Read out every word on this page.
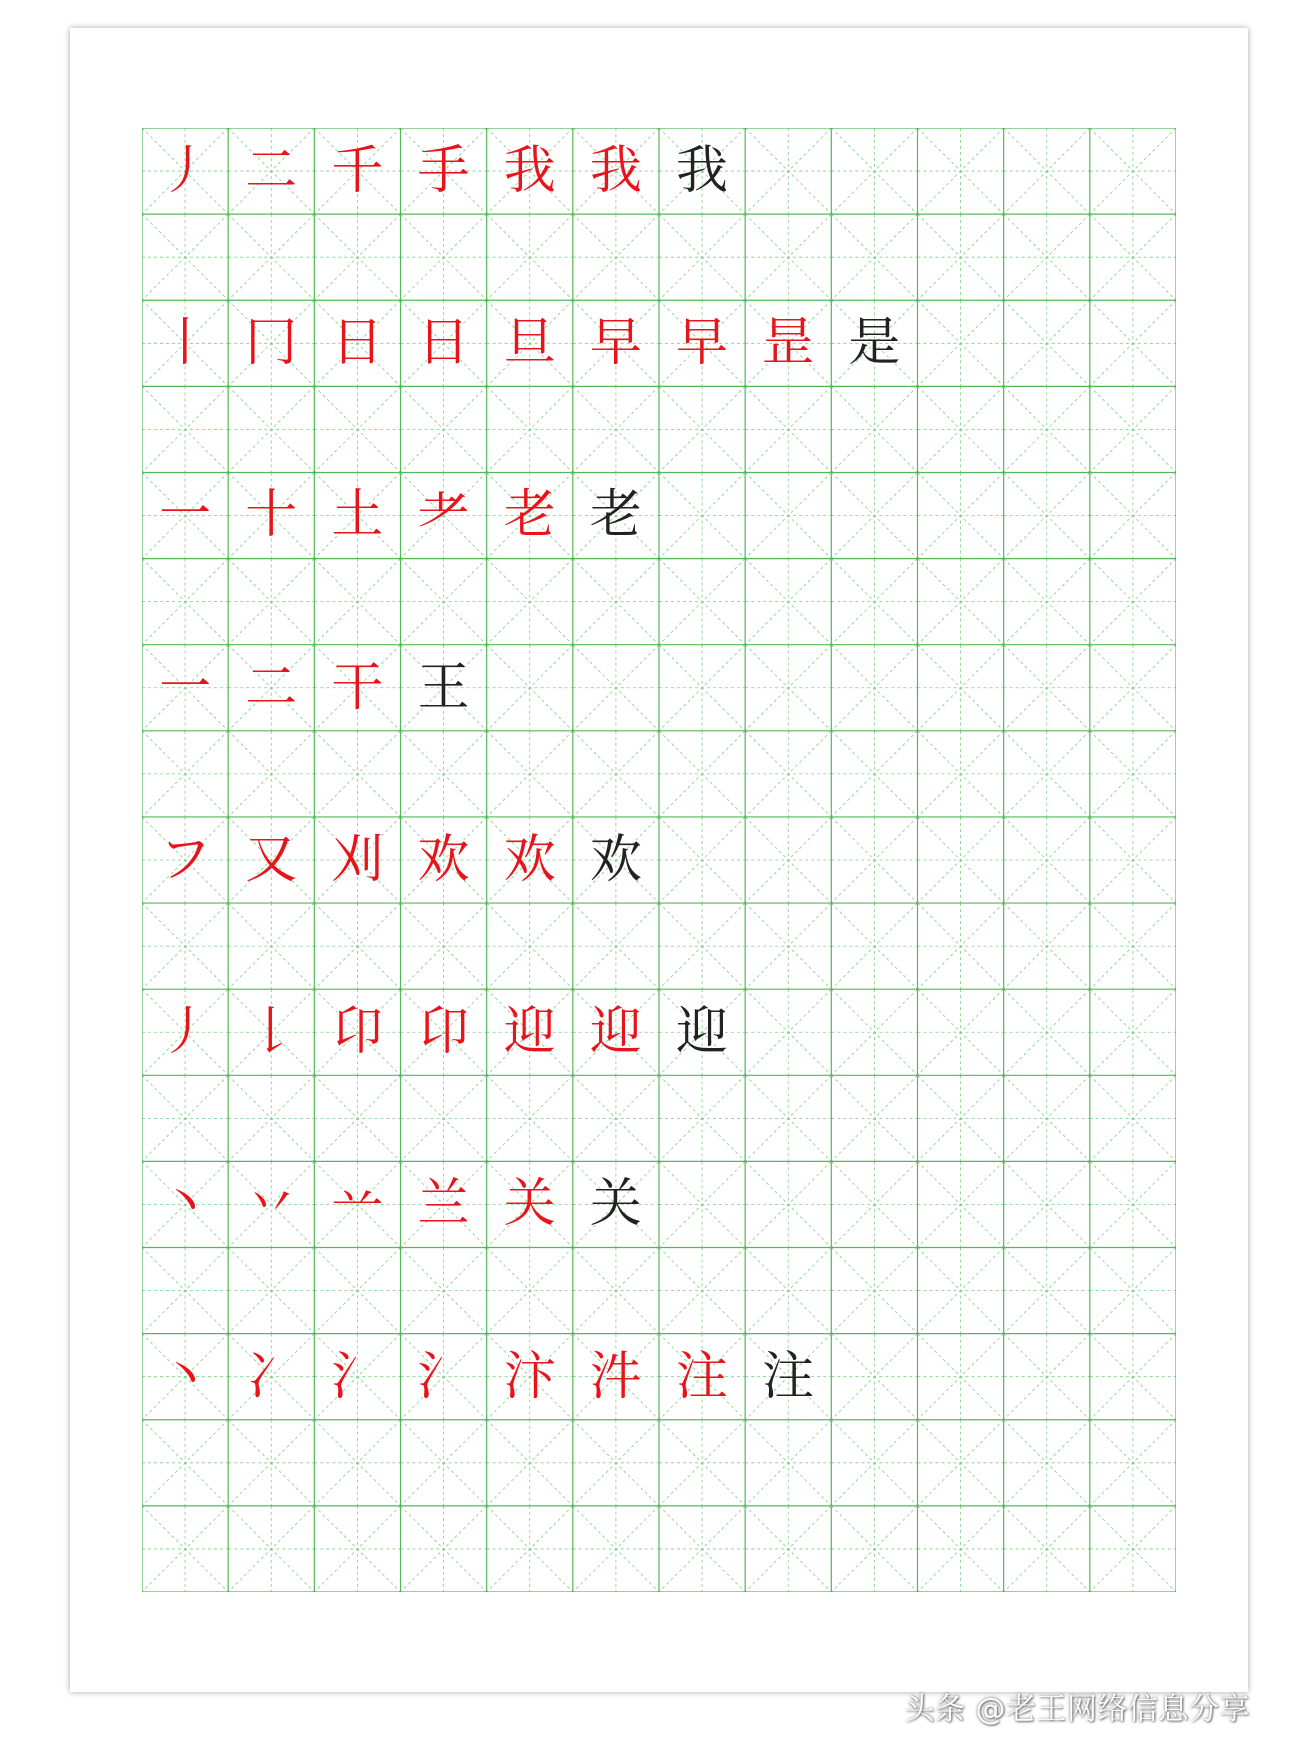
丿 二 千 手 我 我 我
丨 冂 日 日 旦 早 早 昰 是
一 十 土 耂 老 老
一 二 干 王
フ 又 刈 欢 欢 欢
丿 𠄌 卬 卬 迎 迎 迎
丶 丷 䒑 兰 关 关
丶 冫 氵 氵 汴 汼 注 注
头条 @老王网络信息分享
